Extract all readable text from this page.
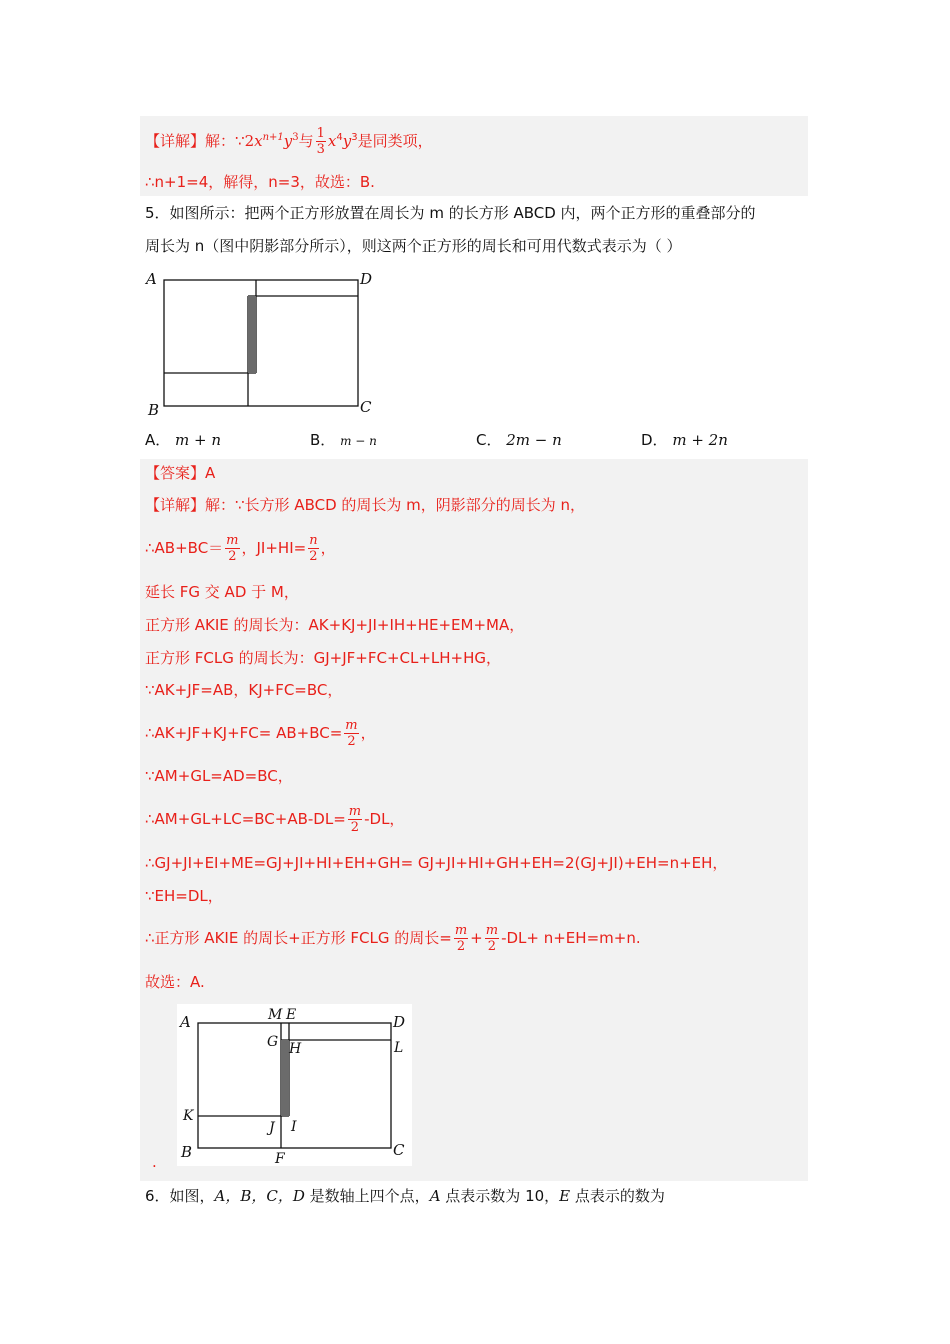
【详解】解：$\because 2x^{n+1}y^3$与 $\frac{1}{3} x^4y^3$是同类项，
∴n+1=4，解得，n=3，故选：B.
5．如图所示：把两个正方形放置在周长为 m 的长方形 ABCD 内，两个正方形的重叠部分的
周长为 n（图中阴影部分所示），则这两个正方形的周长和可用代数式表示为（ ）
A	D
B	C
A． m + n	B． m − n	C． 2m − n	D． m + 2n
【答案】A
【详解】解：∵长方形 ABCD 的周长为 m，阴影部分的周长为 n，
∴AB+BC＝ $\frac{m}{2}$ ，$JI+HI= \frac{n}{2}$ ，
延长 FG 交 AD 于 M，
正方形 AKIE 的周长为：AK+KJ+JI+IH+HE+EM+MA，
正方形 FCLG 的周长为：GJ+JF+FC+CL+LH+HG，
∵AK+JF=AB，KJ+FC=BC，
∴AK+JF+KJ+FC= $AB+BC= \frac{m}{2}$ ，
∵AM+GL=AD=BC，
∴AM+GL+LC=BC+AB-DL= $\frac{m}{2} -DL$，
∴GJ+JI+EI+ME=GJ+JI+HI+EH+GH= GJ+JI+HI+GH+EH=2(GJ+JI)+EH=n+EH，
∵EH=DL，
∴正方形 AKIE 的周长+正方形 FCLG 的周长= $\frac{m}{2} + \frac{m}{2} -DL+ n+EH=m+n$.
故选：A.
A	M E	D
G H	L
K
J I
B	F	C
.
6．如图，A，B，C，D 是数轴上四个点，A 点表示数为 10，E 点表示的数为
